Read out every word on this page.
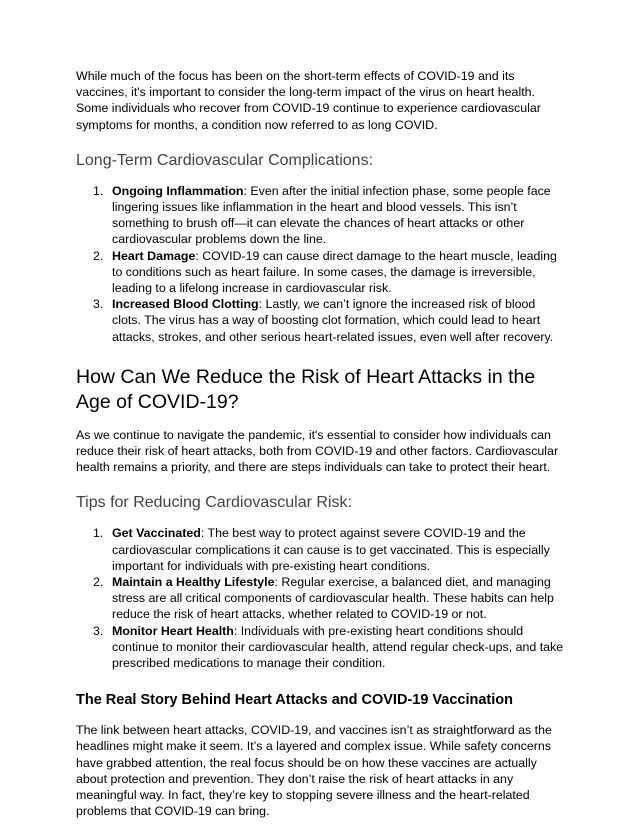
While much of the focus has been on the short-term effects of COVID-19 and its vaccines, it's important to consider the long-term impact of the virus on heart health. Some individuals who recover from COVID-19 continue to experience cardiovascular symptoms for months, a condition now referred to as long COVID.

Long-Term Cardiovascular Complications:
1. Ongoing Inflammation: Even after the initial infection phase, some people face lingering issues like inflammation in the heart and blood vessels. This isn’t something to brush off—it can elevate the chances of heart attacks or other cardiovascular problems down the line.
2. Heart Damage: COVID-19 can cause direct damage to the heart muscle, leading to conditions such as heart failure. In some cases, the damage is irreversible, leading to a lifelong increase in cardiovascular risk.
3. Increased Blood Clotting: Lastly, we can’t ignore the increased risk of blood clots. The virus has a way of boosting clot formation, which could lead to heart attacks, strokes, and other serious heart-related issues, even well after recovery.
How Can We Reduce the Risk of Heart Attacks in the Age of COVID-19?

As we continue to navigate the pandemic, it's essential to consider how individuals can reduce their risk of heart attacks, both from COVID-19 and other factors. Cardiovascular health remains a priority, and there are steps individuals can take to protect their heart.

Tips for Reducing Cardiovascular Risk:
1. Get Vaccinated: The best way to protect against severe COVID-19 and the cardiovascular complications it can cause is to get vaccinated. This is especially important for individuals with pre-existing heart conditions.
2. Maintain a Healthy Lifestyle: Regular exercise, a balanced diet, and managing stress are all critical components of cardiovascular health. These habits can help reduce the risk of heart attacks, whether related to COVID-19 or not.
3. Monitor Heart Health: Individuals with pre-existing heart conditions should continue to monitor their cardiovascular health, attend regular check-ups, and take prescribed medications to manage their condition.
The Real Story Behind Heart Attacks and COVID-19 Vaccination

The link between heart attacks, COVID-19, and vaccines isn’t as straightforward as the headlines might make it seem. It’s a layered and complex issue. While safety concerns have grabbed attention, the real focus should be on how these vaccines are actually about protection and prevention. They don’t raise the risk of heart attacks in any meaningful way. In fact, they’re key to stopping severe illness and the heart-related problems that COVID-19 can bring.
